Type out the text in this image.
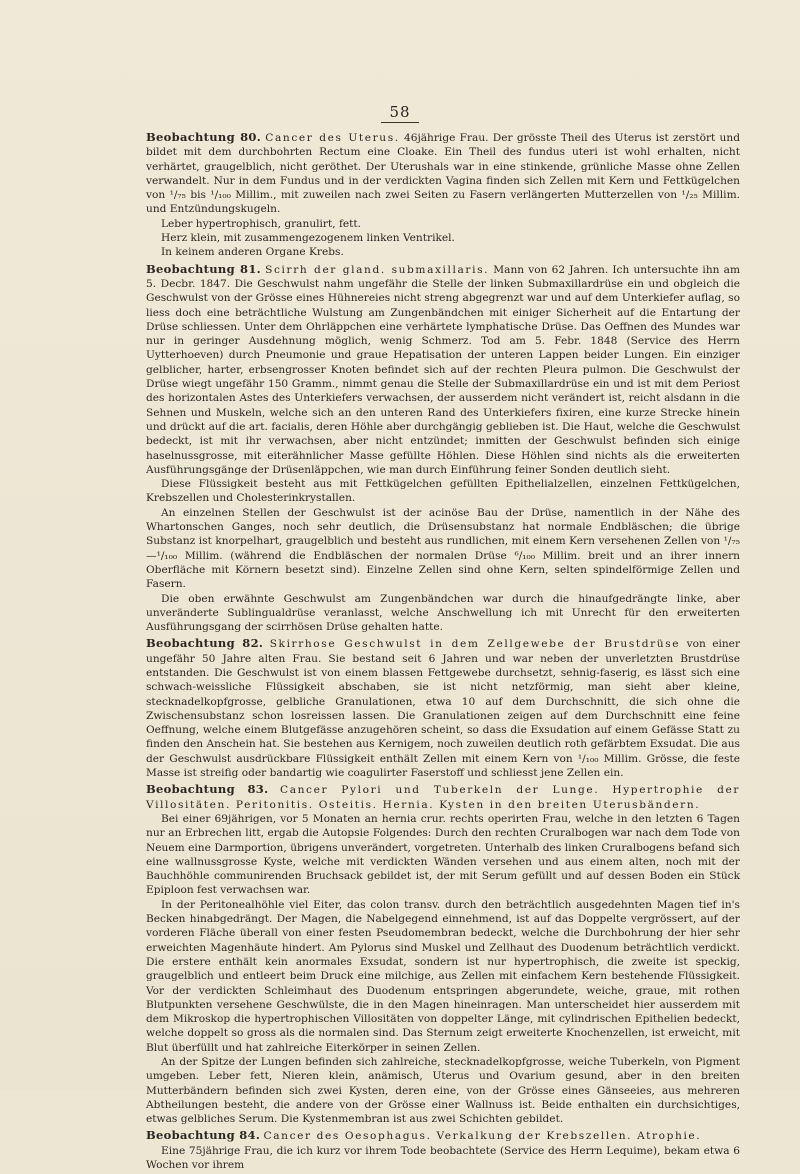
58

Beobachtung 80. Cancer des Uterus. 46jährige Frau. Der grösste Theil des Uterus ist zerstört und bildet mit dem durchbohrten Rectum eine Cloake. Ein Theil des fundus uteri ist wohl erhalten, nicht verhärtet, graugelblich, nicht geröthet. Der Uterushals war in eine stinkende, grünliche Masse ohne Zellen verwandelt. Nur in dem Fundus und in der verdickten Vagina finden sich Zellen mit Kern und Fettkügelchen von ¹/₇₅ bis ¹/₁₀₀ Millim., mit zuweilen nach zwei Seiten zu Fasern verlängerten Mutterzellen von ¹/₂₅ Millim. und Entzündungskugeln.

Leber hypertrophisch, granulirt, fett.

Herz klein, mit zusammengezogenem linken Ventrikel.

In keinem anderen Organe Krebs.

Beobachtung 81. Scirrh der gland. submaxillaris. Mann von 62 Jahren. Ich untersuchte ihn am 5. Decbr. 1847. Die Geschwulst nahm ungefähr die Stelle der linken Submaxillardrüse ein und obgleich die Geschwulst von der Grösse eines Hühnereies nicht streng abgegrenzt war und auf dem Unterkiefer auflag, so liess doch eine beträchtliche Wulstung am Zungenbändchen mit einiger Sicherheit auf die Entartung der Drüse schliessen. Unter dem Ohrläppchen eine verhärtete lymphatische Drüse. Das Oeffnen des Mundes war nur in geringer Ausdehnung möglich, wenig Schmerz. Tod am 5. Febr. 1848 (Service des Herrn Uytterhoeven) durch Pneumonie und graue Hepatisation der unteren Lappen beider Lungen. Ein einziger gelblicher, harter, erbsengrosser Knoten befindet sich auf der rechten Pleura pulmon. Die Geschwulst der Drüse wiegt ungefähr 150 Gramm., nimmt genau die Stelle der Submaxillardrüse ein und ist mit dem Periost des horizontalen Astes des Unterkiefers verwachsen, der ausserdem nicht verändert ist, reicht alsdann in die Sehnen und Muskeln, welche sich an den unteren Rand des Unterkiefers fixiren, eine kurze Strecke hinein und drückt auf die art. facialis, deren Höhle aber durchgängig geblieben ist. Die Haut, welche die Geschwulst bedeckt, ist mit ihr verwachsen, aber nicht entzündet; inmitten der Geschwulst befinden sich einige haselnussgrosse, mit eiterähnlicher Masse gefüllte Höhlen. Diese Höhlen sind nichts als die erweiterten Ausführungsgänge der Drüsenläppchen, wie man durch Einführung feiner Sonden deutlich sieht.

Diese Flüssigkeit besteht aus mit Fettkügelchen gefüllten Epithelialzellen, einzelnen Fettkügelchen, Krebszellen und Cholesterinkrystallen.

An einzelnen Stellen der Geschwulst ist der acinöse Bau der Drüse, namentlich in der Nähe des Whartonschen Ganges, noch sehr deutlich, die Drüsensubstanz hat normale Endbläschen; die übrige Substanz ist knorpelhart, graugelblich und besteht aus rundlichen, mit einem Kern versehenen Zellen von ¹/₇₅—¹/₁₀₀ Millim. (während die Endbläschen der normalen Drüse ⁶/₁₀₀ Millim. breit und an ihrer innern Oberfläche mit Körnern besetzt sind). Einzelne Zellen sind ohne Kern, selten spindelförmige Zellen und Fasern.

Die oben erwähnte Geschwulst am Zungenbändchen war durch die hinaufgedrängte linke, aber unveränderte Sublingualdrüse veranlasst, welche Anschwellung ich mit Unrecht für den erweiterten Ausführungsgang der scirrhösen Drüse gehalten hatte.

Beobachtung 82. Skirrhose Geschwulst in dem Zellgewebe der Brustdrüse von einer ungefähr 50 Jahre alten Frau. Sie bestand seit 6 Jahren und war neben der unverletzten Brustdrüse entstanden. Die Geschwulst ist von einem blassen Fettgewebe durchsetzt, sehnig-faserig, es lässt sich eine schwach-weissliche Flüssigkeit abschaben, sie ist nicht netzförmig, man sieht aber kleine, stecknadelkopfgrosse, gelbliche Granulationen, etwa 10 auf dem Durchschnitt, die sich ohne die Zwischensubstanz schon losreissen lassen. Die Granulationen zeigen auf dem Durchschnitt eine feine Oeffnung, welche einem Blutgefässe anzugehören scheint, so dass die Exsudation auf einem Gefässe Statt zu finden den Anschein hat. Sie bestehen aus Kernigem, noch zuweilen deutlich roth gefärbtem Exsudat. Die aus der Geschwulst ausdrückbare Flüssigkeit enthält Zellen mit einem Kern von ¹/₁₀₀ Millim. Grösse, die feste Masse ist streifig oder bandartig wie coagulirter Faserstoff und schliesst jene Zellen ein.

Beobachtung 83. Cancer Pylori und Tuberkeln der Lunge. Hypertrophie der Villositäten. Peritonitis. Osteitis. Hernia. Kysten in den breiten Uterusbändern.

Bei einer 69jährigen, vor 5 Monaten an hernia crur. rechts operirten Frau, welche in den letzten 6 Tagen nur an Erbrechen litt, ergab die Autopsie Folgendes: Durch den rechten Cruralbogen war nach dem Tode von Neuem eine Darmportion, übrigens unverändert, vorgetreten. Unterhalb des linken Cruralbogens befand sich eine wallnussgrosse Kyste, welche mit verdickten Wänden versehen und aus einem alten, noch mit der Bauchhöhle communirenden Bruchsack gebildet ist, der mit Serum gefüllt und auf dessen Boden ein Stück Epiploon fest verwachsen war.

In der Peritonealhöhle viel Eiter, das colon transv. durch den beträchtlich ausgedehnten Magen tief in's Becken hinabgedrängt. Der Magen, die Nabelgegend einnehmend, ist auf das Doppelte vergrössert, auf der vorderen Fläche überall von einer festen Pseudomembran bedeckt, welche die Durchbohrung der hier sehr erweichten Magenhäute hindert. Am Pylorus sind Muskel und Zellhaut des Duodenum beträchtlich verdickt. Die erstere enthält kein anormales Exsudat, sondern ist nur hypertrophisch, die zweite ist speckig, graugelblich und entleert beim Druck eine milchige, aus Zellen mit einfachem Kern bestehende Flüssigkeit. Vor der verdickten Schleimhaut des Duodenum entspringen abgerundete, weiche, graue, mit rothen Blutpunkten versehene Geschwülste, die in den Magen hineinragen. Man unterscheidet hier ausserdem mit dem Mikroskop die hypertrophischen Villositäten von doppelter Länge, mit cylindrischen Epithelien bedeckt, welche doppelt so gross als die normalen sind. Das Sternum zeigt erweiterte Knochenzellen, ist erweicht, mit Blut überfüllt und hat zahlreiche Eiterkörper in seinen Zellen.

An der Spitze der Lungen befinden sich zahlreiche, stecknadelkopfgrosse, weiche Tuberkeln, von Pigment umgeben. Leber fett, Nieren klein, anämisch, Uterus und Ovarium gesund, aber in den breiten Mutterbändern befinden sich zwei Kysten, deren eine, von der Grösse eines Gänseeies, aus mehreren Abtheilungen besteht, die andere von der Grösse einer Wallnuss ist. Beide enthalten ein durchsichtiges, etwas gelbliches Serum. Die Kystenmembran ist aus zwei Schichten gebildet.

Beobachtung 84. Cancer des Oesophagus. Verkalkung der Krebszellen. Atrophie.

Eine 75jährige Frau, die ich kurz vor ihrem Tode beobachtete (Service des Herrn Lequime), bekam etwa 6 Wochen vor ihrem
